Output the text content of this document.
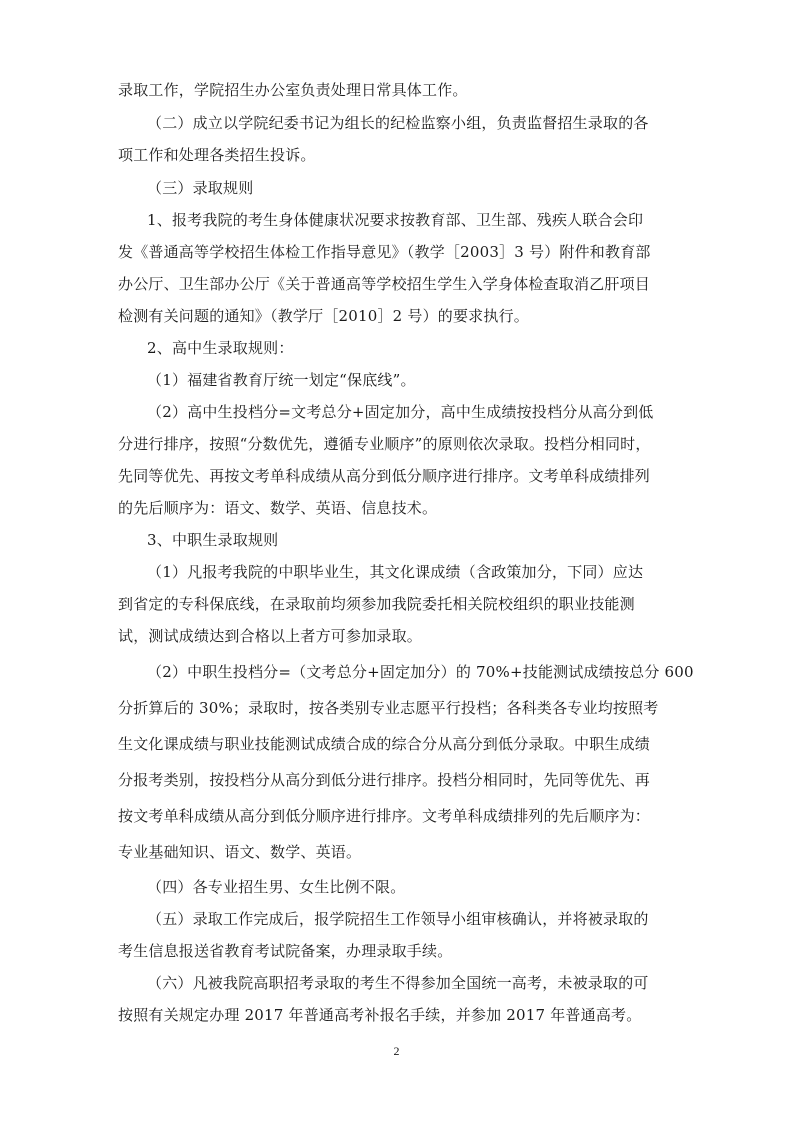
录取工作，学院招生办公室负责处理日常具体工作。
（二）成立以学院纪委书记为组长的纪检监察小组，负责监督招生录取的各
项工作和处理各类招生投诉。
（三）录取规则
1、报考我院的考生身体健康状况要求按教育部、卫生部、残疾人联合会印
发《普通高等学校招生体检工作指导意见》（教学［2003］3 号）附件和教育部
办公厅、卫生部办公厅《关于普通高等学校招生学生入学身体检查取消乙肝项目
检测有关问题的通知》（教学厅［2010］2 号）的要求执行。
2、高中生录取规则：
（1）福建省教育厅统一划定“保底线”。
（2）高中生投档分=文考总分+固定加分，高中生成绩按投档分从高分到低
分进行排序，按照“分数优先，遵循专业顺序”的原则依次录取。投档分相同时，
先同等优先、再按文考单科成绩从高分到低分顺序进行排序。文考单科成绩排列
的先后顺序为：语文、数学、英语、信息技术。
3、中职生录取规则
（1）凡报考我院的中职毕业生，其文化课成绩（含政策加分，下同）应达
到省定的专科保底线，在录取前均须参加我院委托相关院校组织的职业技能测
试，测试成绩达到合格以上者方可参加录取。
（2）中职生投档分=（文考总分+固定加分）的 70%+技能测试成绩按总分 600
分折算后的 30%；录取时，按各类别专业志愿平行投档；各科类各专业均按照考
生文化课成绩与职业技能测试成绩合成的综合分从高分到低分录取。中职生成绩
分报考类别，按投档分从高分到低分进行排序。投档分相同时，先同等优先、再
按文考单科成绩从高分到低分顺序进行排序。文考单科成绩排列的先后顺序为：
专业基础知识、语文、数学、英语。
（四）各专业招生男、女生比例不限。
（五）录取工作完成后，报学院招生工作领导小组审核确认，并将被录取的
考生信息报送省教育考试院备案，办理录取手续。
（六）凡被我院高职招考录取的考生不得参加全国统一高考，未被录取的可
按照有关规定办理 2017 年普通高考补报名手续，并参加 2017 年普通高考。
2
